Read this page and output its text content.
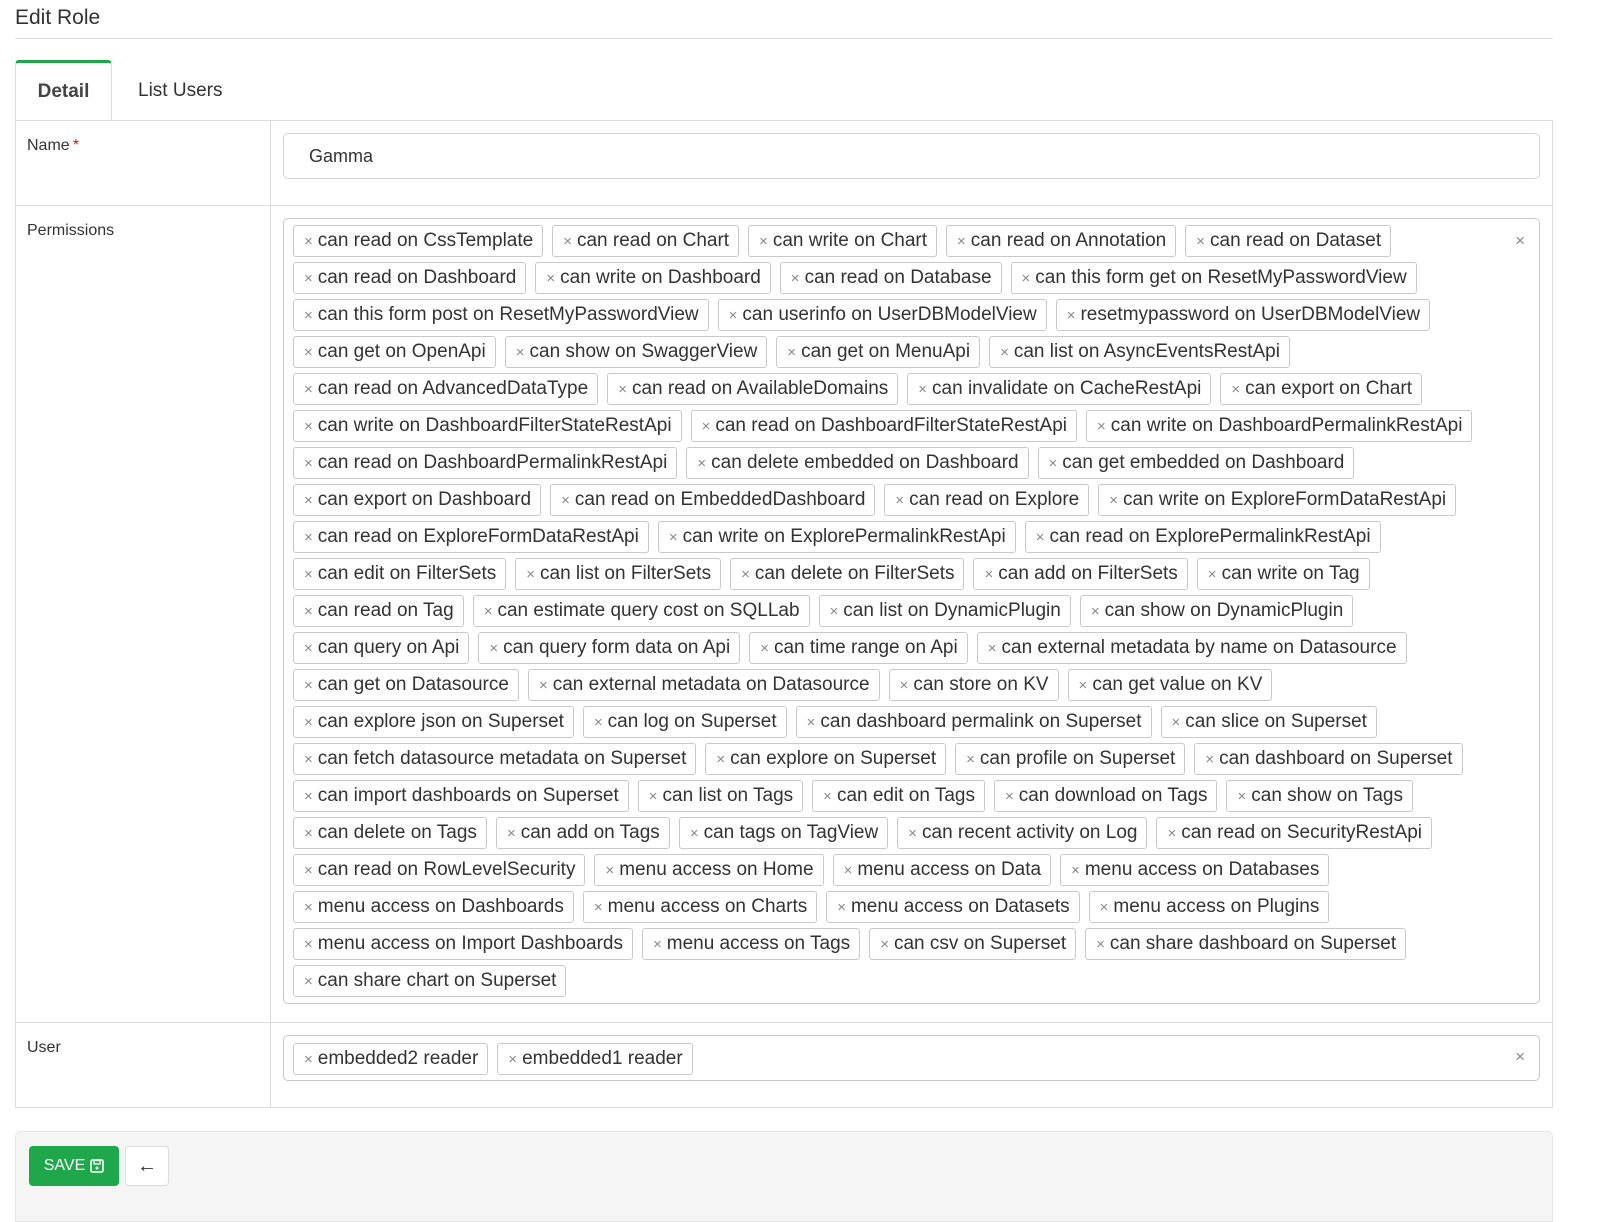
Edit Role
Detail	List Users
Name *	Gamma
Permissions
× can read on CssTemplate × can read on Chart × can write on Chart × can read on Annotation × can read on Dataset
× can read on Dashboard × can write on Dashboard × can read on Database × can this form get on ResetMyPasswordView
× can this form post on ResetMyPasswordView × can userinfo on UserDBModelView × resetmypassword on UserDBModelView
× can get on OpenApi × can show on SwaggerView × can get on MenuApi × can list on AsyncEventsRestApi
× can read on AdvancedDataType × can read on AvailableDomains × can invalidate on CacheRestApi × can export on Chart
× can write on DashboardFilterStateRestApi × can read on DashboardFilterStateRestApi × can write on DashboardPermalinkRestApi
× can read on DashboardPermalinkRestApi × can delete embedded on Dashboard × can get embedded on Dashboard
× can export on Dashboard × can read on EmbeddedDashboard × can read on Explore × can write on ExploreFormDataRestApi
× can read on ExploreFormDataRestApi × can write on ExplorePermalinkRestApi × can read on ExplorePermalinkRestApi
× can edit on FilterSets × can list on FilterSets × can delete on FilterSets × can add on FilterSets × can write on Tag
× can read on Tag × can estimate query cost on SQLLab × can list on DynamicPlugin × can show on DynamicPlugin
× can query on Api × can query form data on Api × can time range on Api × can external metadata by name on Datasource
× can get on Datasource × can external metadata on Datasource × can store on KV × can get value on KV
× can explore json on Superset × can log on Superset × can dashboard permalink on Superset × can slice on Superset
× can fetch datasource metadata on Superset × can explore on Superset × can profile on Superset × can dashboard on Superset
× can import dashboards on Superset × can list on Tags × can edit on Tags × can download on Tags × can show on Tags
× can delete on Tags × can add on Tags × can tags on TagView × can recent activity on Log × can read on SecurityRestApi
× can read on RowLevelSecurity × menu access on Home × menu access on Data × menu access on Databases
× menu access on Dashboards × menu access on Charts × menu access on Datasets × menu access on Plugins
× menu access on Import Dashboards × menu access on Tags × can csv on Superset × can share dashboard on Superset
× can share chart on Superset
×
User
× embedded2 reader × embedded1 reader	×
SAVE	←
